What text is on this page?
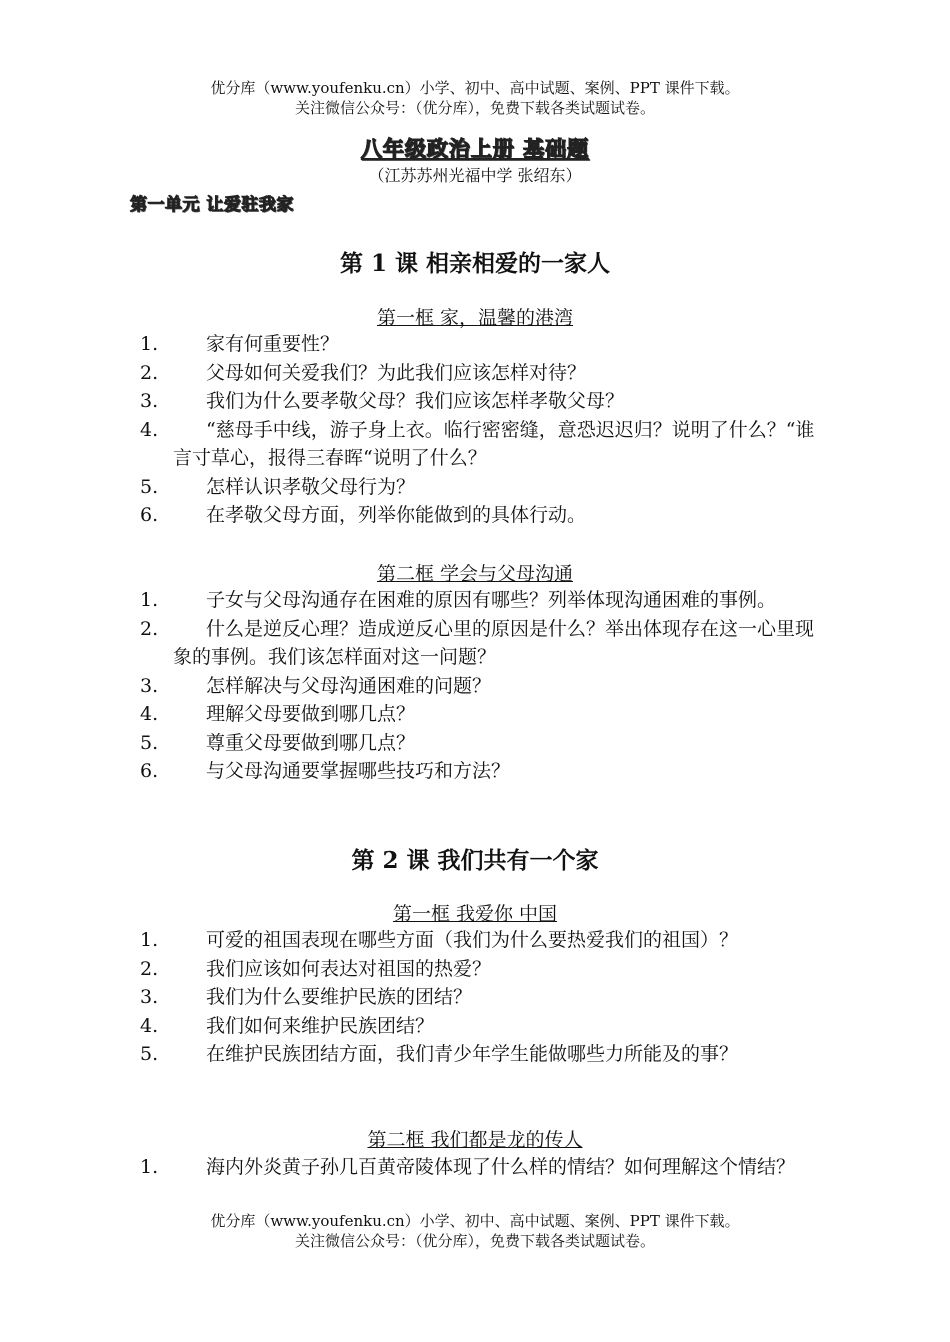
优分库（www.youfenku.cn）小学、初中、高中试题、案例、PPT 课件下载。
关注微信公众号：（优分库），免费下载各类试题试卷。
八年级政治上册 基础题
（江苏苏州光福中学 张绍东）
第一单元 让爱驻我家
第 1 课 相亲相爱的一家人
第一框 家，温馨的港湾
1.	家有何重要性？
2.	父母如何关爱我们？为此我们应该怎样对待？
3.	我们为什么要孝敬父母？我们应该怎样孝敬父母？
4.	“慈母手中线，游子身上衣。临行密密缝，意恐迟迟归？说明了什么？“谁言寸草心，报得三春晖“说明了什么？
5.	怎样认识孝敬父母行为？
6.	在孝敬父母方面，列举你能做到的具体行动。
第二框 学会与父母沟通
1.	子女与父母沟通存在困难的原因有哪些？列举体现沟通困难的事例。
2.	什么是逆反心理？造成逆反心里的原因是什么？举出体现存在这一心里现象的事例。我们该怎样面对这一问题？
3.	怎样解决与父母沟通困难的问题？
4.	理解父母要做到哪几点？
5.	尊重父母要做到哪几点？
6.	与父母沟通要掌握哪些技巧和方法？
第 2 课 我们共有一个家
第一框 我爱你 中国
1.	可爱的祖国表现在哪些方面（我们为什么要热爱我们的祖国）？
2.	我们应该如何表达对祖国的热爱？
3.	我们为什么要维护民族的团结？
4.	我们如何来维护民族团结？
5.	在维护民族团结方面，我们青少年学生能做哪些力所能及的事？
第二框 我们都是龙的传人
1.	海内外炎黄子孙几百黄帝陵体现了什么样的情结？如何理解这个情结？
优分库（www.youfenku.cn）小学、初中、高中试题、案例、PPT 课件下载。
关注微信公众号：（优分库），免费下载各类试题试卷。
